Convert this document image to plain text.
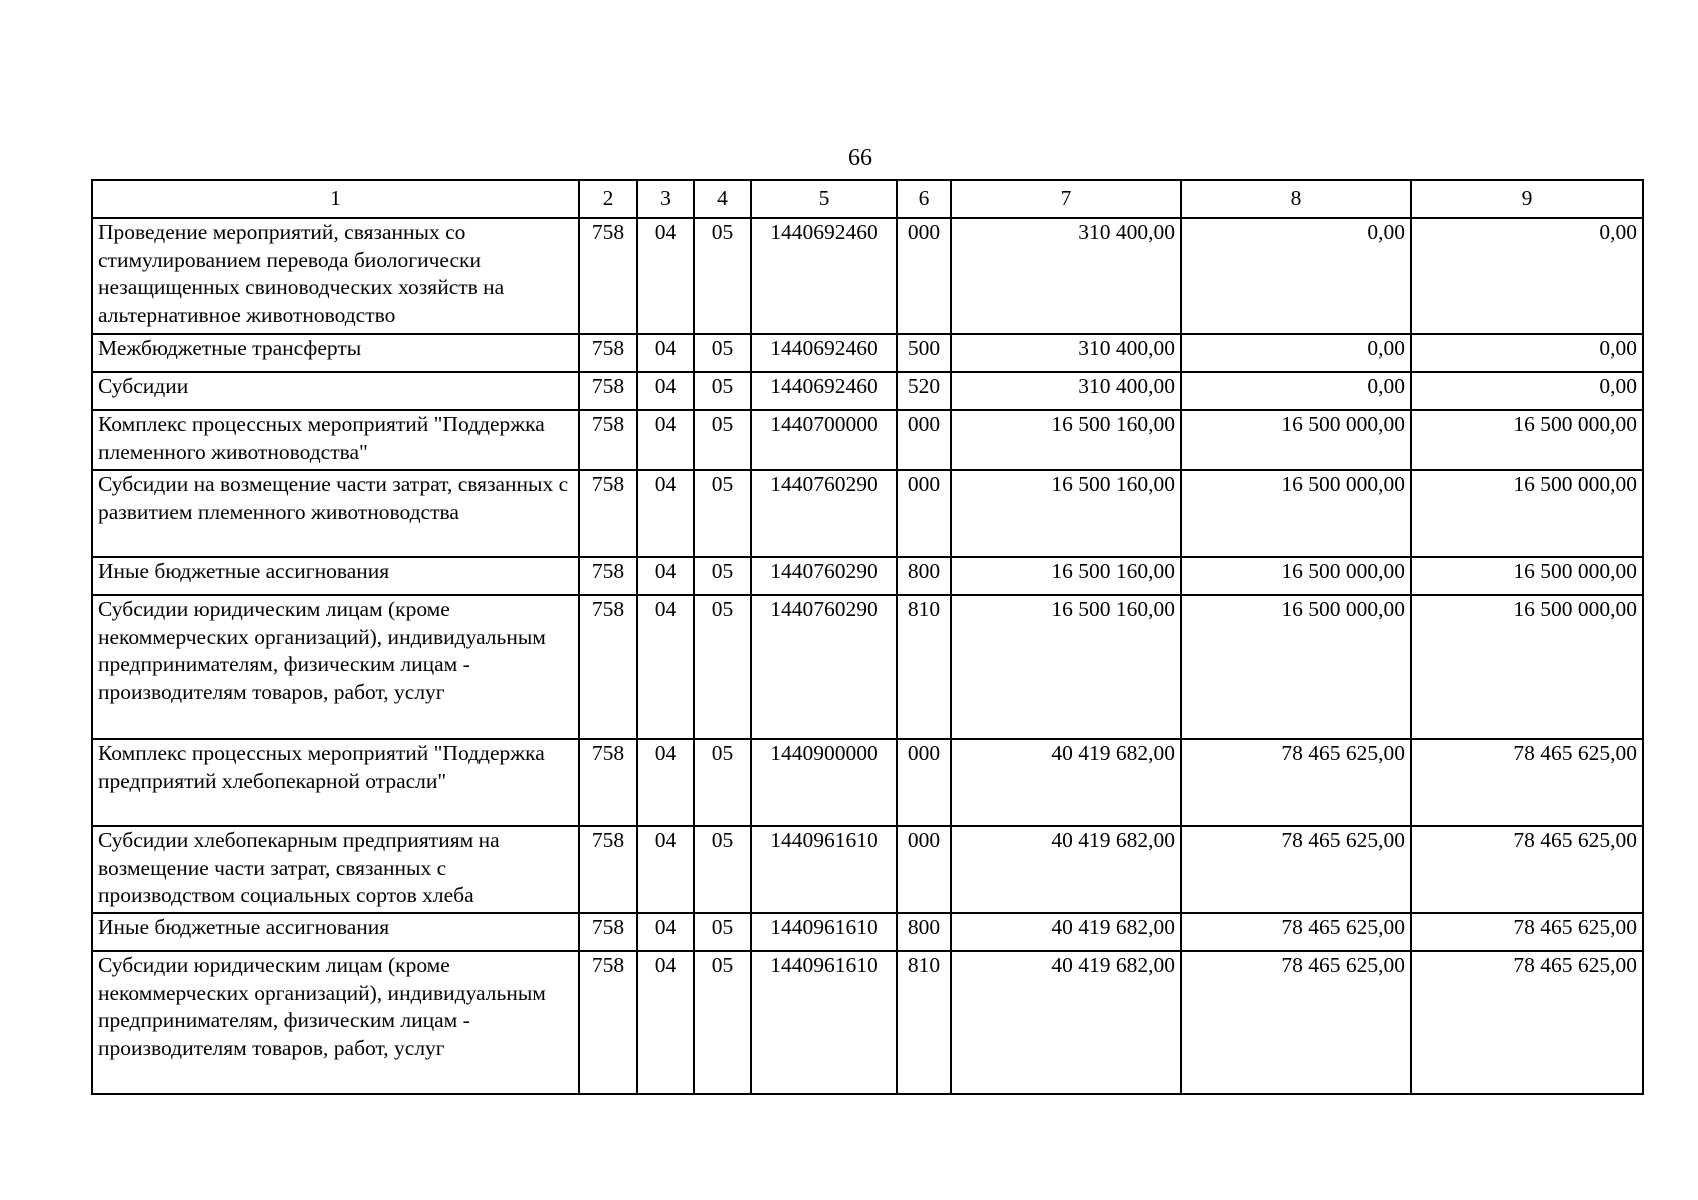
66
1	2	3	4	5	6	7	8	9
Проведение мероприятий, связанных со стимулированием перевода биологически незащищенных свиноводческих хозяйств на альтернативное животноводство	758	04	05	1440692460	000	310 400,00	0,00	0,00
Межбюджетные трансферты	758	04	05	1440692460	500	310 400,00	0,00	0,00
Субсидии	758	04	05	1440692460	520	310 400,00	0,00	0,00
Комплекс процессных мероприятий "Поддержка племенного животноводства"	758	04	05	1440700000	000	16 500 160,00	16 500 000,00	16 500 000,00
Субсидии на возмещение части затрат, связанных с развитием племенного животноводства	758	04	05	1440760290	000	16 500 160,00	16 500 000,00	16 500 000,00
Иные бюджетные ассигнования	758	04	05	1440760290	800	16 500 160,00	16 500 000,00	16 500 000,00
Субсидии юридическим лицам (кроме некоммерческих организаций), индивидуальным предпринимателям, физическим лицам - производителям товаров, работ, услуг	758	04	05	1440760290	810	16 500 160,00	16 500 000,00	16 500 000,00
Комплекс процессных мероприятий "Поддержка предприятий хлебопекарной отрасли"	758	04	05	1440900000	000	40 419 682,00	78 465 625,00	78 465 625,00
Субсидии хлебопекарным предприятиям на возмещение части затрат, связанных с производством социальных сортов хлеба	758	04	05	1440961610	000	40 419 682,00	78 465 625,00	78 465 625,00
Иные бюджетные ассигнования	758	04	05	1440961610	800	40 419 682,00	78 465 625,00	78 465 625,00
Субсидии юридическим лицам (кроме некоммерческих организаций), индивидуальным предпринимателям, физическим лицам - производителям товаров, работ, услуг	758	04	05	1440961610	810	40 419 682,00	78 465 625,00	78 465 625,00
